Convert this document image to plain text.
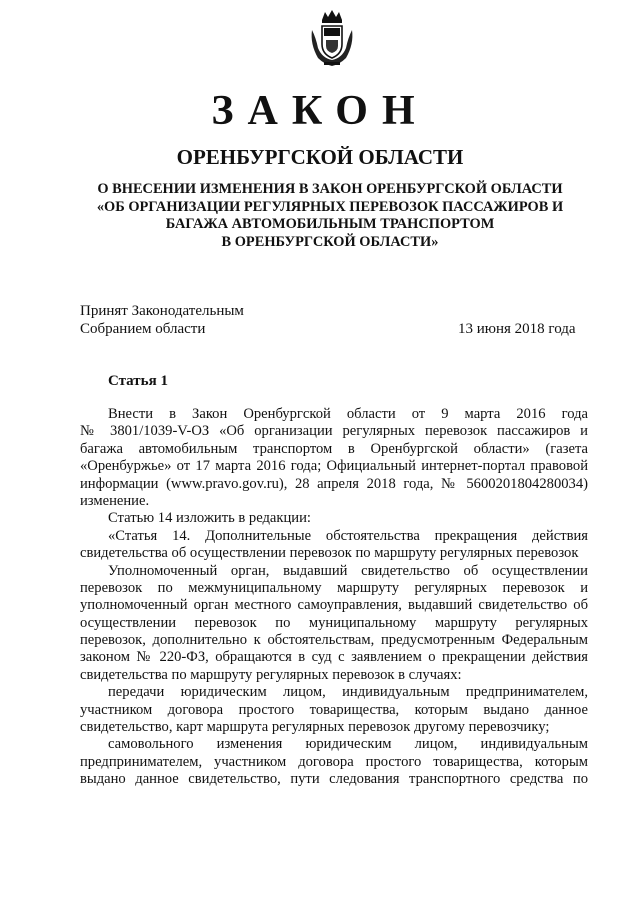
ЗАКОН
ОРЕНБУРГСКОЙ ОБЛАСТИ
О ВНЕСЕНИИ ИЗМЕНЕНИЯ В ЗАКОН ОРЕНБУРГСКОЙ ОБЛАСТИ
«ОБ ОРГАНИЗАЦИИ РЕГУЛЯРНЫХ ПЕРЕВОЗОК ПАССАЖИРОВ И
БАГАЖА АВТОМОБИЛЬНЫМ ТРАНСПОРТОМ
В ОРЕНБУРГСКОЙ ОБЛАСТИ»
Принят Законодательным
Собранием области	13 июня 2018 года
Статья 1
Внести в Закон Оренбургской области от 9 марта 2016 года
№ 3801/1039-V-ОЗ «Об организации регулярных перевозок пассажиров и
багажа автомобильным транспортом в Оренбургской области» (газета
«Оренбуржье» от 17 марта 2016 года; Официальный интернет-портал правовой
информации (www.pravo.gov.ru), 28 апреля 2018 года, № 5600201804280034)
изменение.
Статью 14 изложить в редакции:
«Статья 14. Дополнительные обстоятельства прекращения действия
свидетельства об осуществлении перевозок по маршруту регулярных перевозок
Уполномоченный орган, выдавший свидетельство об осуществлении
перевозок по межмуниципальному маршруту регулярных перевозок и
уполномоченный орган местного самоуправления, выдавший свидетельство об
осуществлении перевозок по муниципальному маршруту регулярных
перевозок, дополнительно к обстоятельствам, предусмотренным Федеральным
законом № 220-ФЗ, обращаются в суд с заявлением о прекращении действия
свидетельства по маршруту регулярных перевозок в случаях:
передачи юридическим лицом, индивидуальным предпринимателем,
участником договора простого товарищества, которым выдано данное
свидетельство, карт маршрута регулярных перевозок другому перевозчику;
самовольного изменения юридическим лицом, индивидуальным
предпринимателем, участником договора простого товарищества, которым
выдано данное свидетельство, пути следования транспортного средства по
